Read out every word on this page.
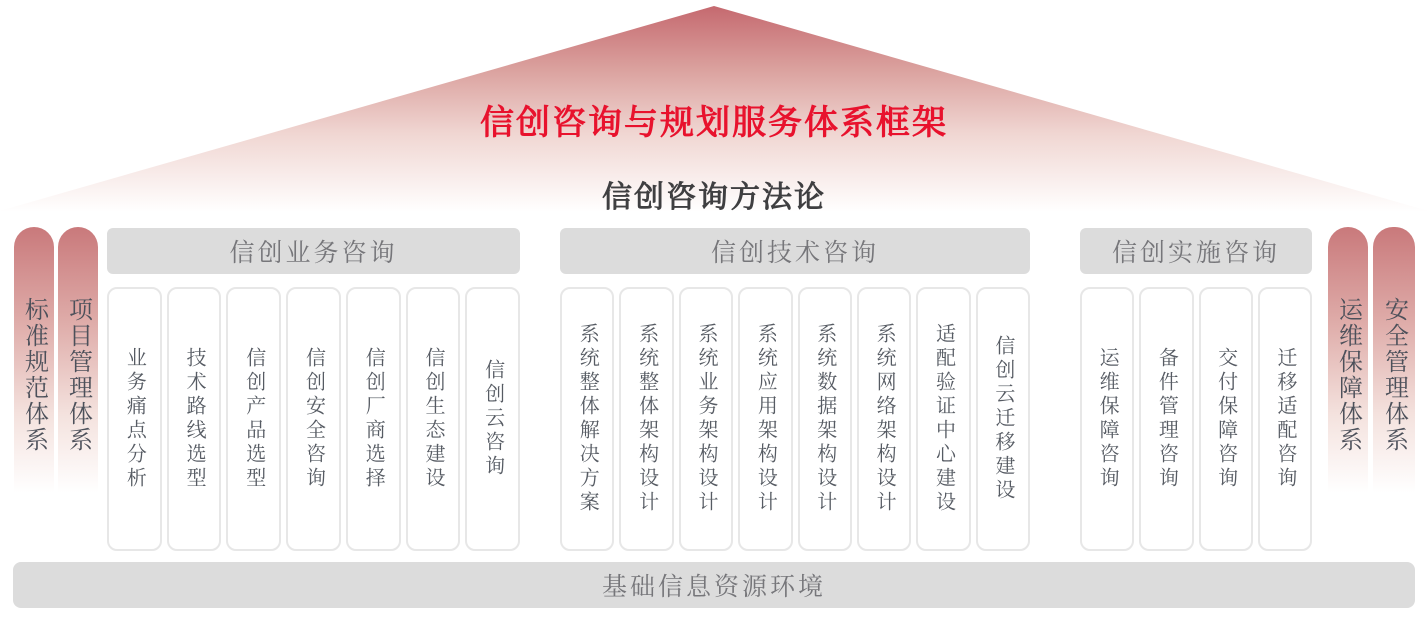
信创咨询与规划服务体系框架
信创咨询方法论
标准规范体系 项目管理体系	运维保障体系 安全管理体系
信创业务咨询
业务痛点分析 技术路线选型 信创产品选型 信创安全咨询 信创厂商选择 信创生态建设 信创云咨询
信创技术咨询
系统整体解决方案 系统整体架构设计 系统业务架构设计 系统应用架构设计 系统数据架构设计 系统网络架构设计 适配验证中心建设 信创云迁移建设
信创实施咨询
运维保障咨询 备件管理咨询 交付保障咨询 迁移适配咨询
基础信息资源环境
